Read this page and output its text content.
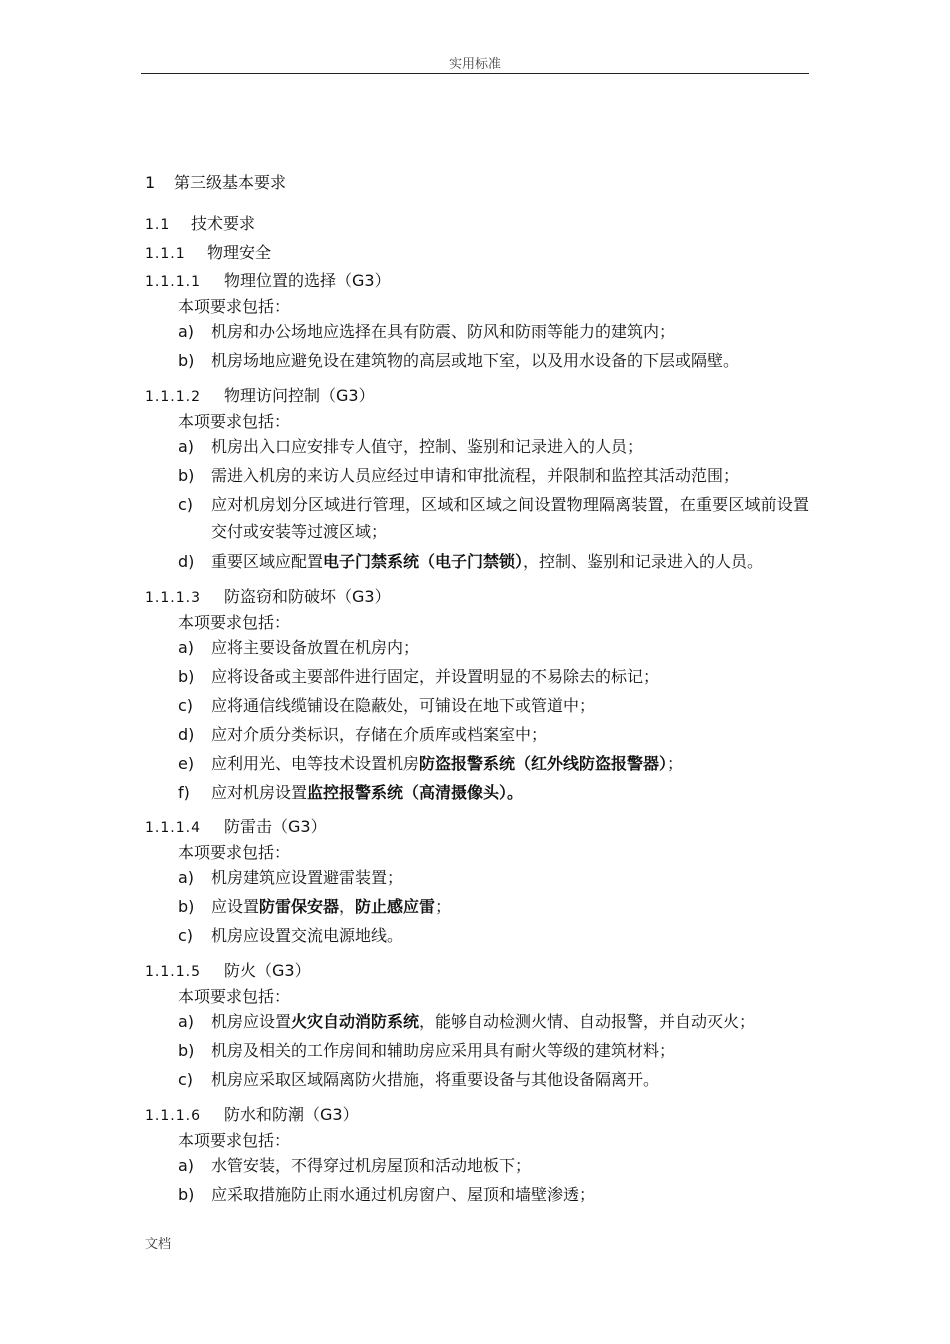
实用标准
1 第三级基本要求
1.1 技术要求
1.1.1 物理安全
1.1.1.1 物理位置的选择（G3）
本项要求包括：
a) 机房和办公场地应选择在具有防震、防风和防雨等能力的建筑内；
b) 机房场地应避免设在建筑物的高层或地下室，以及用水设备的下层或隔壁。
1.1.1.2 物理访问控制（G3）
本项要求包括：
a) 机房出入口应安排专人值守，控制、鉴别和记录进入的人员；
b) 需进入机房的来访人员应经过申请和审批流程，并限制和监控其活动范围；
c) 应对机房划分区域进行管理，区域和区域之间设置物理隔离装置，在重要区域前设置交付或安装等过渡区域；
d) 重要区域应配置电子门禁系统（电子门禁锁），控制、鉴别和记录进入的人员。
1.1.1.3 防盗窃和防破坏（G3）
本项要求包括：
a) 应将主要设备放置在机房内；
b) 应将设备或主要部件进行固定，并设置明显的不易除去的标记；
c) 应将通信线缆铺设在隐蔽处，可铺设在地下或管道中；
d) 应对介质分类标识，存储在介质库或档案室中；
e) 应利用光、电等技术设置机房防盗报警系统（红外线防盗报警器）；
f) 应对机房设置监控报警系统（高清摄像头）。
1.1.1.4 防雷击（G3）
本项要求包括：
a) 机房建筑应设置避雷装置；
b) 应设置防雷保安器，防止感应雷；
c) 机房应设置交流电源地线。
1.1.1.5 防火（G3）
本项要求包括：
a) 机房应设置火灾自动消防系统，能够自动检测火情、自动报警，并自动灭火；
b) 机房及相关的工作房间和辅助房应采用具有耐火等级的建筑材料；
c) 机房应采取区域隔离防火措施，将重要设备与其他设备隔离开。
1.1.1.6 防水和防潮（G3）
本项要求包括：
a) 水管安装，不得穿过机房屋顶和活动地板下；
b) 应采取措施防止雨水通过机房窗户、屋顶和墙壁渗透；
文档
